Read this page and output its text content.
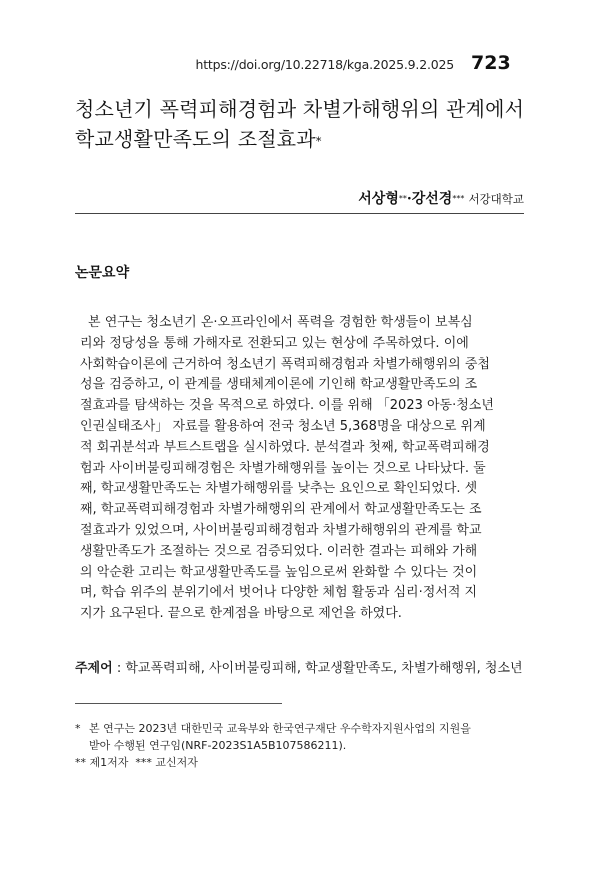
https://doi.org/10.22718/kga.2025.9.2.025 723
청소년기 폭력피해경험과 차별가해행위의 관계에서
학교생활만족도의 조절효과*
서상형**·강선경*** 서강대학교
논문요약
본 연구는 청소년기 온·오프라인에서 폭력을 경험한 학생들이 보복심
리와 정당성을 통해 가해자로 전환되고 있는 현상에 주목하였다. 이에
사회학습이론에 근거하여 청소년기 폭력피해경험과 차별가해행위의 중첩
성을 검증하고, 이 관계를 생태체계이론에 기인해 학교생활만족도의 조
절효과를 탐색하는 것을 목적으로 하였다. 이를 위해 「2023 아동·청소년
인권실태조사」 자료를 활용하여 전국 청소년 5,368명을 대상으로 위계
적 회귀분석과 부트스트랩을 실시하였다. 분석결과 첫째, 학교폭력피해경
험과 사이버불링피해경험은 차별가해행위를 높이는 것으로 나타났다. 둘
째, 학교생활만족도는 차별가해행위를 낮추는 요인으로 확인되었다. 셋
째, 학교폭력피해경험과 차별가해행위의 관계에서 학교생활만족도는 조
절효과가 있었으며, 사이버불링피해경험과 차별가해행위의 관계를 학교
생활만족도가 조절하는 것으로 검증되었다. 이러한 결과는 피해와 가해
의 악순환 고리는 학교생활만족도를 높임으로써 완화할 수 있다는 것이
며, 학습 위주의 분위기에서 벗어나 다양한 체험 활동과 심리·정서적 지
지가 요구된다. 끝으로 한계점을 바탕으로 제언을 하였다.
주제어 : 학교폭력피해, 사이버불링피해, 학교생활만족도, 차별가해행위, 청소년
* 본 연구는 2023년 대한민국 교육부와 한국연구재단 우수학자지원사업의 지원을
받아 수행된 연구임(NRF-2023S1A5B107586211).
** 제1저자  *** 교신저자
